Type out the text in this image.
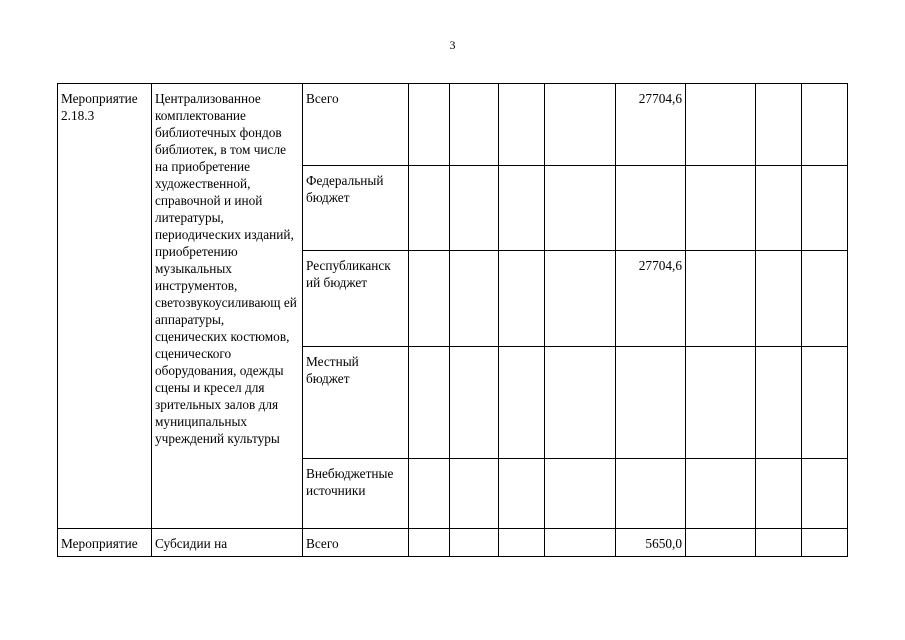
3
Мероприятие 2.18.3	Централизованное комплектование библиотечных фондов библиотек, в том числе на приобретение художественной, справочной и иной литературы, периодических изданий, приобретению музыкальных инструментов, светозвукоусиливающ ей аппаратуры, сценических костюмов, сценического оборудования, одежды сцены и кресел для зрительных залов для муниципальных учреждений культуры	Всего					27704,6			
		Федеральный бюджет								
		Республиканск ий бюджет					27704,6			
		Местный бюджет								
		Внебюджетные источники								
Мероприятие	Субсидии на	Всего					5650,0			
